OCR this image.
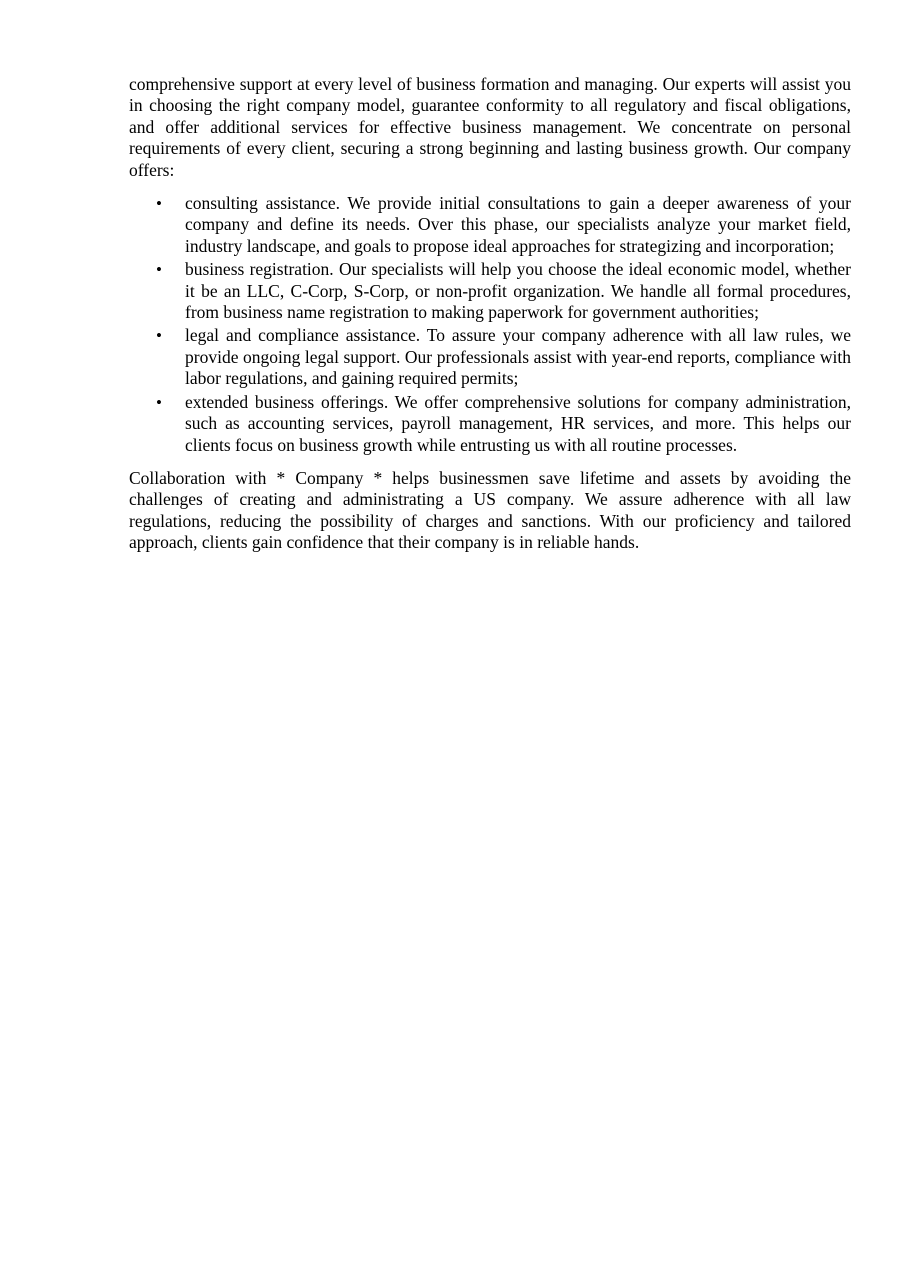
comprehensive support at every level of business formation and managing. Our experts will assist you in choosing the right company model, guarantee conformity to all regulatory and fiscal obligations, and offer additional services for effective business management. We concentrate on personal requirements of every client, securing a strong beginning and lasting business growth. Our company offers:

• consulting assistance. We provide initial consultations to gain a deeper awareness of your company and define its needs. Over this phase, our specialists analyze your market field, industry landscape, and goals to propose ideal approaches for strategizing and incorporation;
• business registration. Our specialists will help you choose the ideal economic model, whether it be an LLC, C-Corp, S-Corp, or non-profit organization. We handle all formal procedures, from business name registration to making paperwork for government authorities;
• legal and compliance assistance. To assure your company adherence with all law rules, we provide ongoing legal support. Our professionals assist with year-end reports, compliance with labor regulations, and gaining required permits;
• extended business offerings. We offer comprehensive solutions for company administration, such as accounting services, payroll management, HR services, and more. This helps our clients focus on business growth while entrusting us with all routine processes.

Collaboration with * Company * helps businessmen save lifetime and assets by avoiding the challenges of creating and administrating a US company. We assure adherence with all law regulations, reducing the possibility of charges and sanctions. With our proficiency and tailored approach, clients gain confidence that their company is in reliable hands.
